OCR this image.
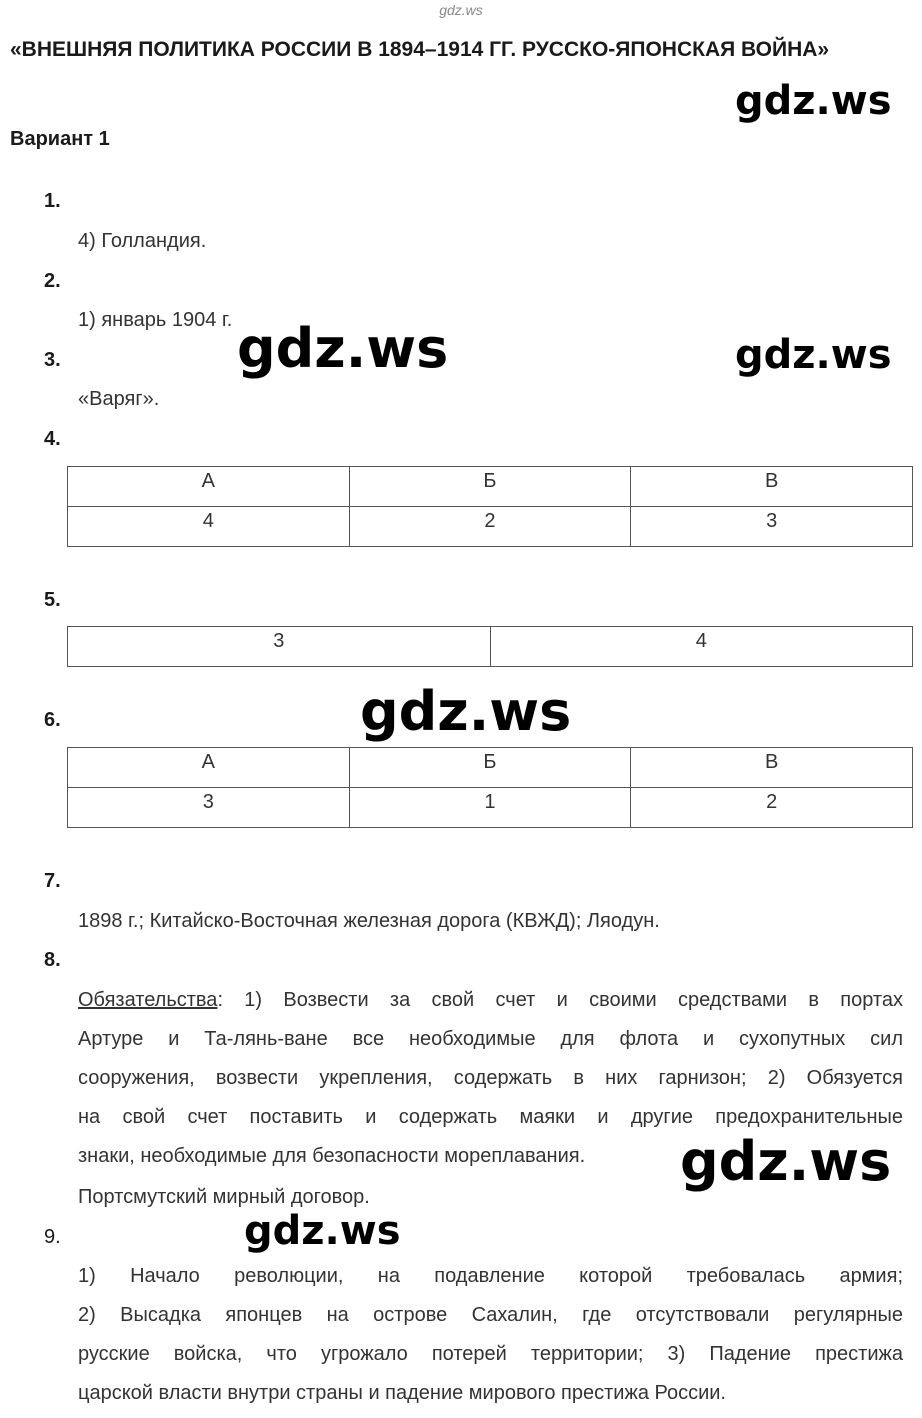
gdz.ws
«ВНЕШНЯЯ ПОЛИТИКА РОССИИ В 1894–1914 ГГ. РУССКО-ЯПОНСКАЯ ВОЙНА»
Вариант 1
1.
4) Голландия.
2.
1) январь 1904 г.
3.
«Варяг».
4.
А	Б	В
4	2	3
5.
3	4
6.
А	Б	В
3	1	2
7.
1898 г.; Китайско-Восточная железная дорога (КВЖД); Ляодун.
8.
Обязательства: 1) Возвести за свой счет и своими средствами в портах
Артуре и Та-лянь-ване все необходимые для флота и сухопутных сил
сооружения, возвести укрепления, содержать в них гарнизон; 2) Обязуется
на свой счет поставить и содержать маяки и другие предохранительные
знаки, необходимые для безопасности мореплавания.
Портсмутский мирный договор.
9.
1) Начало революции, на подавление которой требовалась армия;
2) Высадка японцев на острове Сахалин, где отсутствовали регулярные
русские войска, что угрожало потерей территории; 3) Падение престижа
царской власти внутри страны и падение мирового престижа России.
gdz.ws
gdz.ws	gdz.ws
gdz.ws
gdz.ws
gdz.ws
